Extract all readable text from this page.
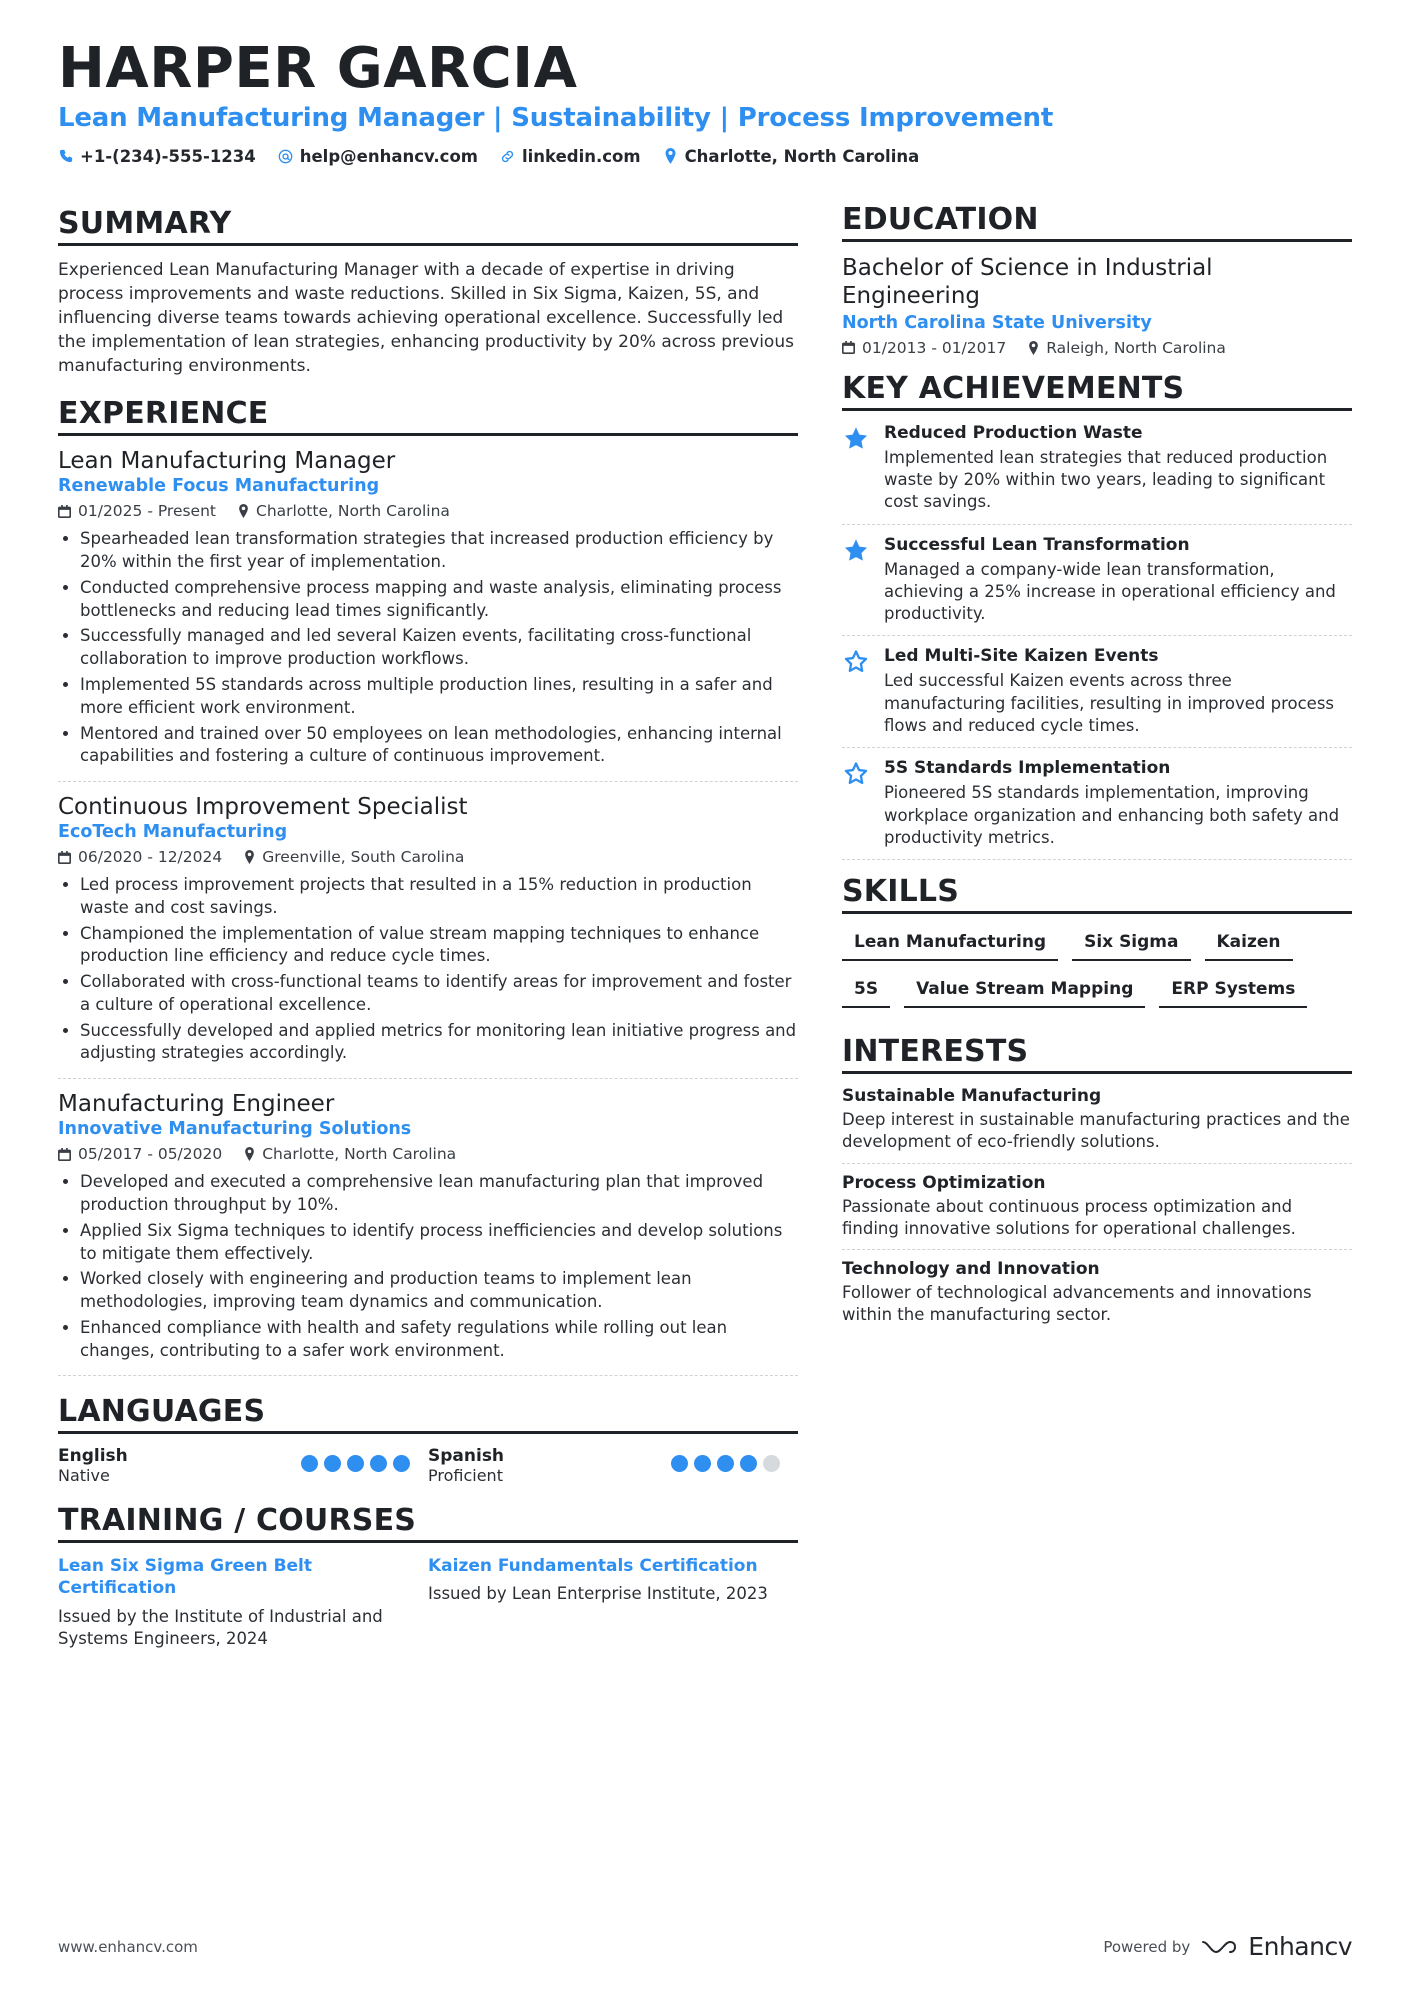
HARPER GARCIA
Lean Manufacturing Manager | Sustainability | Process Improvement
+1-(234)-555-1234	help@enhancv.com	linkedin.com	Charlotte, North Carolina
SUMMARY
Experienced Lean Manufacturing Manager with a decade of expertise in driving process improvements and waste reductions. Skilled in Six Sigma, Kaizen, 5S, and influencing diverse teams towards achieving operational excellence. Successfully led the implementation of lean strategies, enhancing productivity by 20% across previous manufacturing environments.
EXPERIENCE
Lean Manufacturing Manager
Renewable Focus Manufacturing
01/2025 - Present	Charlotte, North Carolina
• Spearheaded lean transformation strategies that increased production efficiency by 20% within the first year of implementation.
• Conducted comprehensive process mapping and waste analysis, eliminating process bottlenecks and reducing lead times significantly.
• Successfully managed and led several Kaizen events, facilitating cross-functional collaboration to improve production workflows.
• Implemented 5S standards across multiple production lines, resulting in a safer and more efficient work environment.
• Mentored and trained over 50 employees on lean methodologies, enhancing internal capabilities and fostering a culture of continuous improvement.
Continuous Improvement Specialist
EcoTech Manufacturing
06/2020 - 12/2024	Greenville, South Carolina
• Led process improvement projects that resulted in a 15% reduction in production waste and cost savings.
• Championed the implementation of value stream mapping techniques to enhance production line efficiency and reduce cycle times.
• Collaborated with cross-functional teams to identify areas for improvement and foster a culture of operational excellence.
• Successfully developed and applied metrics for monitoring lean initiative progress and adjusting strategies accordingly.
Manufacturing Engineer
Innovative Manufacturing Solutions
05/2017 - 05/2020	Charlotte, North Carolina
• Developed and executed a comprehensive lean manufacturing plan that improved production throughput by 10%.
• Applied Six Sigma techniques to identify process inefficiencies and develop solutions to mitigate them effectively.
• Worked closely with engineering and production teams to implement lean methodologies, improving team dynamics and communication.
• Enhanced compliance with health and safety regulations while rolling out lean changes, contributing to a safer work environment.
LANGUAGES
English
Native
Spanish
Proficient
TRAINING / COURSES
Lean Six Sigma Green Belt Certification
Issued by the Institute of Industrial and Systems Engineers, 2024
Kaizen Fundamentals Certification
Issued by Lean Enterprise Institute, 2023
EDUCATION
Bachelor of Science in Industrial Engineering
North Carolina State University
01/2013 - 01/2017	Raleigh, North Carolina
KEY ACHIEVEMENTS
Reduced Production Waste
Implemented lean strategies that reduced production waste by 20% within two years, leading to significant cost savings.
Successful Lean Transformation
Managed a company-wide lean transformation, achieving a 25% increase in operational efficiency and productivity.
Led Multi-Site Kaizen Events
Led successful Kaizen events across three manufacturing facilities, resulting in improved process flows and reduced cycle times.
5S Standards Implementation
Pioneered 5S standards implementation, improving workplace organization and enhancing both safety and productivity metrics.
SKILLS
Lean Manufacturing	Six Sigma	Kaizen
5S	Value Stream Mapping	ERP Systems
INTERESTS
Sustainable Manufacturing
Deep interest in sustainable manufacturing practices and the development of eco-friendly solutions.
Process Optimization
Passionate about continuous process optimization and finding innovative solutions for operational challenges.
Technology and Innovation
Follower of technological advancements and innovations within the manufacturing sector.
www.enhancv.com	Powered by Enhancv
